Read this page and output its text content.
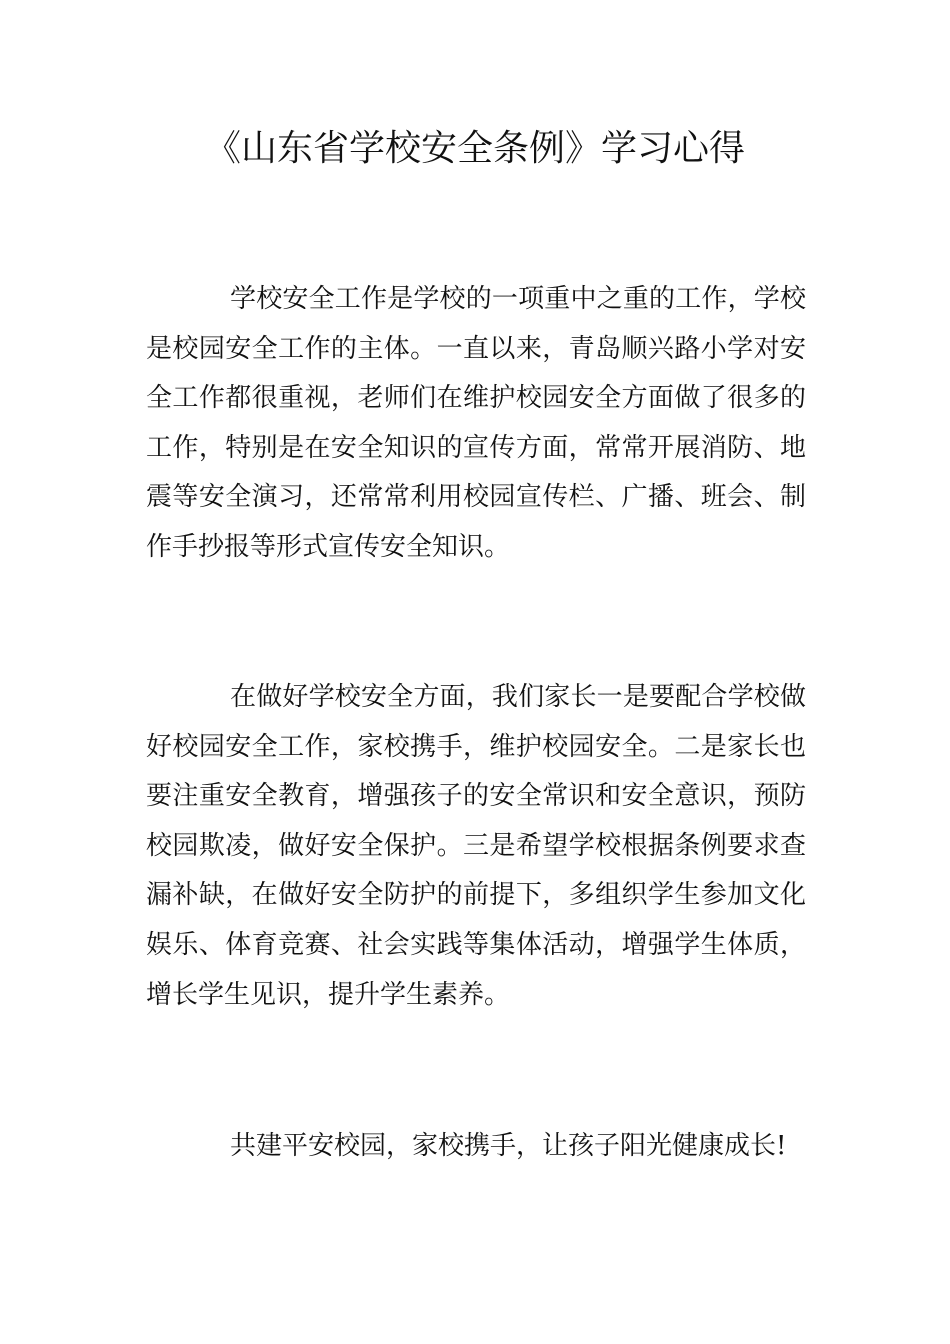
《山东省学校安全条例》学习心得

学校安全工作是学校的一项重中之重的工作，学校是校园安全工作的主体。一直以来，青岛顺兴路小学对安全工作都很重视，老师们在维护校园安全方面做了很多的工作，特别是在安全知识的宣传方面，常常开展消防、地震等安全演习，还常常利用校园宣传栏、广播、班会、制作手抄报等形式宣传安全知识。

在做好学校安全方面，我们家长一是要配合学校做好校园安全工作，家校携手，维护校园安全。二是家长也要注重安全教育，增强孩子的安全常识和安全意识，预防校园欺凌，做好安全保护。三是希望学校根据条例要求查漏补缺，在做好安全防护的前提下，多组织学生参加文化娱乐、体育竞赛、社会实践等集体活动，增强学生体质，增长学生见识，提升学生素养。

共建平安校园，家校携手，让孩子阳光健康成长!
